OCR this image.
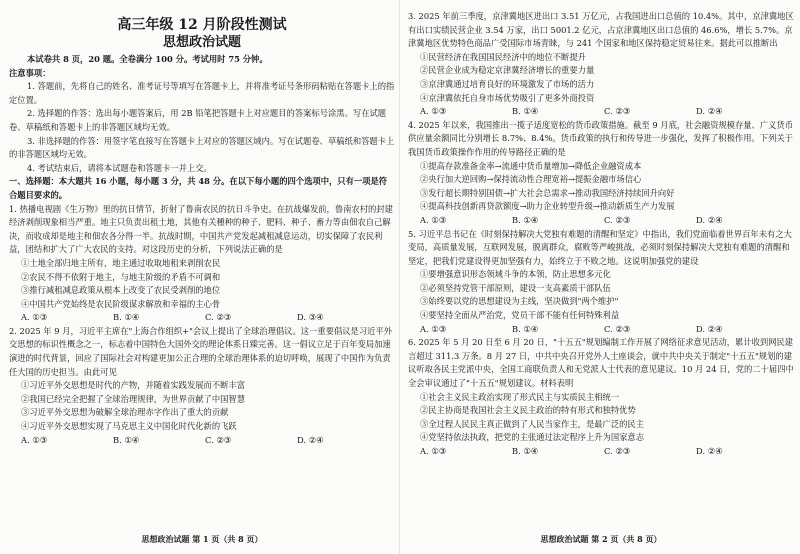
高三年级 12 月阶段性测试
思想政治试题

本试卷共 8 页，20 题。全卷满分 100 分。考试用时 75 分钟。

注意事项：

1. 答题前，先将自己的姓名、准考证号等填写在答题卡上，并将准考证号条形码粘贴在答题卡上的指定位置。

2. 选择题的作答：选出每小题答案后，用 2B 铅笔把答题卡上对应题目的答案标号涂黑。写在试题卷、草稿纸和答题卡上的非答题区域均无效。

3. 非选择题的作答：用签字笔直接写在答题卡上对应的答题区域内。写在试题卷、草稿纸和答题卡上的非答题区域均无效。

4. 考试结束后，请将本试题卷和答题卡一并上交。

一、选择题：本大题共 16 小题，每小题 3 分，共 48 分。在以下每小题的四个选项中，只有一项是符合题目要求的。

1. 热播电视剧《生万物》里的抗日情节，折射了鲁南农民的抗日斗争史。在抗战爆发前，鲁南农村的封建经济剥削现象相当严重。地主只负责出租土地，其他有关種种的种子、肥料、种子、畜力等由佃农自己解决，而收成却是地主和佃农各分得一半。抗战时期，中国共产党发起减租减息运动，切实保障了农民利益，团结和扩大了广大农民的支持。对这段历史的分析，下列说法正确的是

①土地全部归地主所有，地主通过收取地租来剥削农民

②农民不得不依附于地主，与地主阶级的矛盾不可调和

③推行减租减息政策从根本上改变了农民受剥削的地位

④中国共产党始终是农民阶级谋求解放和幸福的主心骨

A. ①③	B. ①④	C. ②③	D. ③④

2. 2025 年 9 月，习近平主席在"上海合作组织+"会议上提出了全球治理倡议。这一重要倡议是习近平外交思想的标识性概念之一，标志着中国特色大国外交的理论体系日臻完善。这一倡议立足于百年变局加速演进的时代背景，回应了国际社会对构建更加公正合理的全球治理体系的迫切呼唤，展现了中国作为负责任大国的历史担当。由此可见

①习近平外交思想是时代的产物，并随着实践发展而不断丰富

②我国已经完全把握了全球治理规律，为世界贡献了中国智慧

③习近平外交思想为破解全球治理赤字作出了重大的贡献

④习近平外交思想实现了马克思主义中国化时代化新的飞跃

A. ①③	B. ①④	C. ②③	D. ②④
思想政治试题 第 1 页（共 8 页）

3. 2025 年前三季度，京津冀地区进出口 3.51 万亿元，占我国进出口总值的 10.4%。其中，京津冀地区有出口实绩民营企业 3.54 万家，出口 5001.2 亿元，占京津冀地区出口总值的 46.6%，增长 5.7%。京津冀地区优势特色商品广受国际市场青睐，与 241 个国家和地区保持稳定贸易往来。据此可以推断出

①民营经济在我国国民经济中的地位不断提升

②民营企业成为稳定京津冀经济增长的重要力量

③京津冀通过培育良好的环境激发了市场的活力

④京津冀依托自身市场优势吸引了更多外商投资

A. ①③	B. ①④	C. ②③	D. ②④

4. 2025 年以来，我国推出一揽子适度宽松的货币政策措施。截至 9 月底，社会融资规模存量、广义货币供应量余额同比分别增长 8.7%、8.4%。货币政策的执行和传导进一步强化，发挥了积极作用。下列关于我国货币政策操作作用的传导路径正确的是

①提高存款准备金率→流通中货币量增加→降低企业融资成本

②央行加大逆回购→保持流动性合理宽裕→提振金融市场信心

③发行超长期特别国债→扩大社会总需求→推动我国经济持续回升向好

④提高科技创新再贷款额度→助力企业转型升级→推动新质生产力发展

A. ①③	B. ①④	C. ②③	D. ②④

5. 习近平总书记在《时刻保持解决大党独有难题的清醒和坚定》中指出，我们党面临着世界百年未有之大变局，高质量发展，互联网发展，脱离群众，腐败等严峻挑战，必须时刻保持解决大党独有难题的清醒和坚定，把我们党建设得更加坚强有力，始终立于不败之地。这说明加强党的建设

①要增强意识形态领域斗争的本领，防止思想多元化

②必须坚持党管干部原则，建设一支高素质干部队伍

③始终要以党的思想建设为主线，坚决做到"两个维护"

④要坚持全面从严治党，党员干部不能有任何特殊利益

A. ①③	B. ①④	C. ②③	D. ②④

6. 2025 年 5 月 20 日至 6 月 20 日，"十五五"规划编制工作开展了网络征求意见活动，累计收到网民建言超过 311.3 万条。8 月 27 日，中共中央召开党外人士座谈会，就中共中央关于制定"十五五"规划的建议听取各民主党派中央，全国工商联负责人和无党派人士代表的意见建议。10 月 24 日，党的二十届四中全会审议通过了"十五五"规划建议。材料表明

①社会主义民主政治实现了形式民主与实质民主相统一

②民主协商是我国社会主义民主政治的特有形式和独特优势

③全过程人民民主真正做到了人民当家作主，是最广泛的民主

④党坚持依法执政，把党的主张通过法定程序上升为国家意志

A. ①③	B. ①④	C. ②③	D. ②④
思想政治试题 第 2 页（共 8 页）
